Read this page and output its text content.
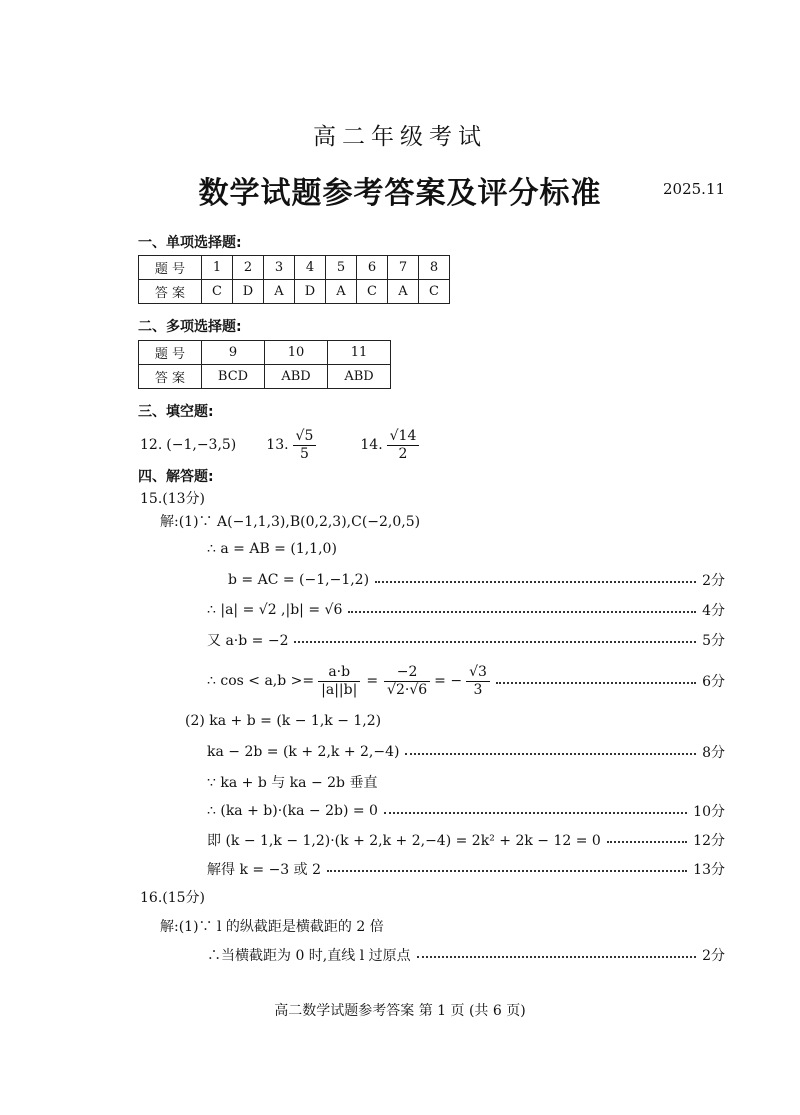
高二年级考试
数学试题参考答案及评分标准	2025.11
一、单项选择题:
题 号	1	2	3	4	5	6	7	8
答 案	C	D	A	D	A	C	A	C
二、多项选择题:
题 号	9	10	11
答 案	BCD	ABD	ABD
三、填空题:
12. (−1,−3,5) 13. $\frac{√5}{5}$	14. $\frac{√14}{2}$
四、解答题:
15.(13分)
解:(1)∵ A(−1,1,3),B(0,2,3),C(−2,0,5)
∴ a = AB = (1,1,0)
b = AC = (−1,−1,2)	2分
∴ |a| = √2 ,|b| = √6	4分
又 a·b = −2	5分
∴ $\cos < a,b >= \frac{a\cdot b}{|a||b|} = \frac{-2}{√2\cdot√6}$ = − $\frac{√3}{3}$	6分
(2) ka + b = (k − 1,k − 1,2)
ka − 2b = (k + 2,k + 2,−4)	8分
∵ ka + b 与 ka − 2b 垂直
∴ (ka + b)·(ka − 2b) = 0	10分
即 (k − 1,k − 1,2)·(k + 2,k + 2,−4) = 2k² + 2k − 12 = 0	12分
解得 k = −3 或 2	13分
16.(15分)
解:(1)∵ l 的纵截距是横截距的 2 倍
∴当横截距为 0 时,直线 l 过原点	2分
高二数学试题参考答案 第 1 页 (共 6 页)
